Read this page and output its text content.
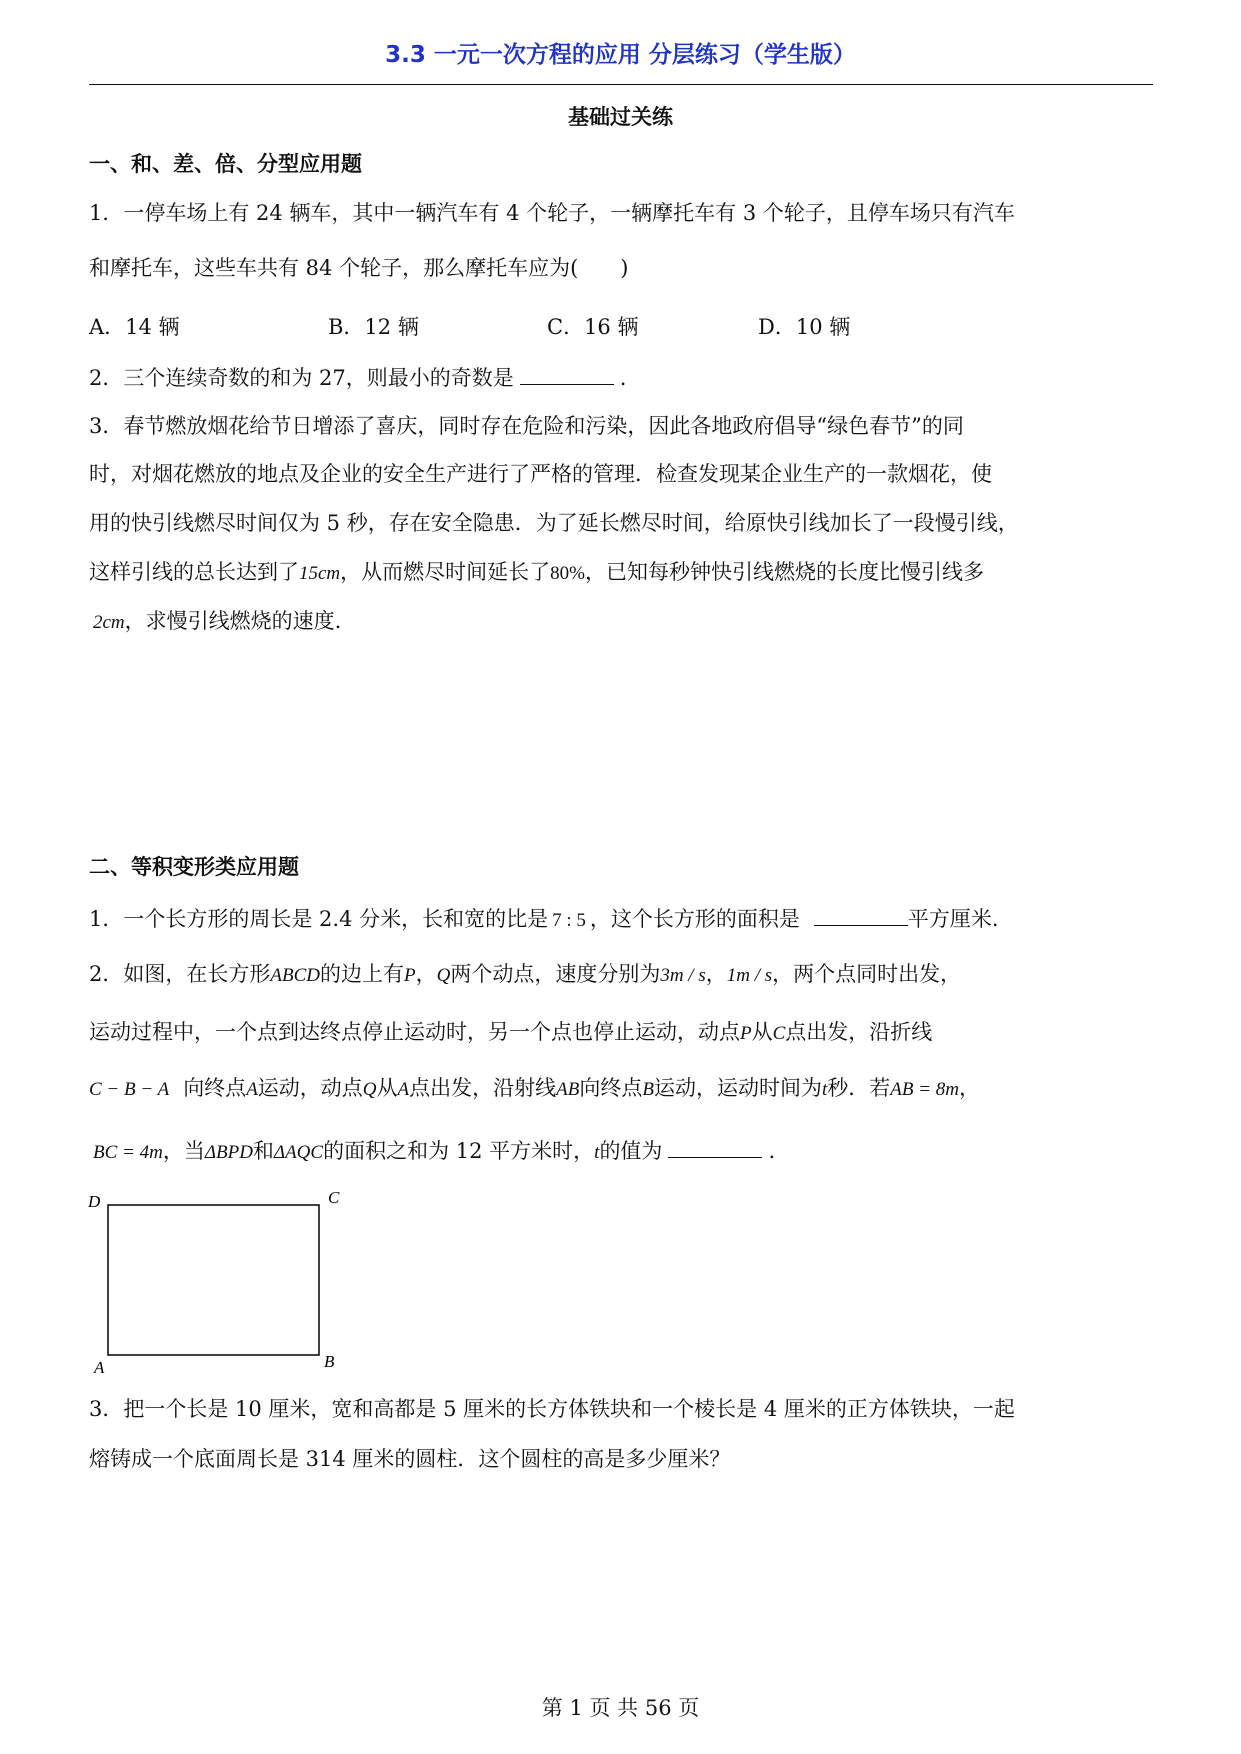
3.3 一元一次方程的应用 分层练习（学生版）
基础过关练
一、和、差、倍、分型应用题
1．一停车场上有 24 辆车，其中一辆汽车有 4 个轮子，一辆摩托车有 3 个轮子，且停车场只有汽车
和摩托车，这些车共有 84 个轮子，那么摩托车应为(　　)
A．14 辆	B．12 辆	C．16 辆	D．10 辆
2．三个连续奇数的和为 27，则最小的奇数是	.
3．春节燃放烟花给节日增添了喜庆，同时存在危险和污染，因此各地政府倡导“绿色春节”的同
时，对烟花燃放的地点及企业的安全生产进行了严格的管理．检查发现某企业生产的一款烟花，使
用的快引线燃尽时间仅为 5 秒，存在安全隐患．为了延长燃尽时间，给原快引线加长了一段慢引线，
这样引线的总长达到了15cm，从而燃尽时间延长了80%，已知每秒钟快引线燃烧的长度比慢引线多
2cm，求慢引线燃烧的速度.
二、等积变形类应用题
1．一个长方形的周长是 2.4 分米，长和宽的比是 7 : 5 ，这个长方形的面积是	平方厘米.
2．如图，在长方形ABCD的边上有P，Q两个动点，速度分别为3m / s，1m / s，两个点同时出发，
运动过程中，一个点到达终点停止运动时，另一个点也停止运动，动点P从C点出发，沿折线
C − B − A 向终点A运动，动点Q从A点出发，沿射线AB向终点B运动，运动时间为t秒．若AB = 8m，
BC = 4m，当ΔBPD和ΔAQC的面积之和为 12 平方米时，t的值为	.
D	C
A	B
3．把一个长是 10 厘米，宽和高都是 5 厘米的长方体铁块和一个棱长是 4 厘米的正方体铁块，一起
熔铸成一个底面周长是 314 厘米的圆柱．这个圆柱的高是多少厘米？
第 1 页 共 56 页
